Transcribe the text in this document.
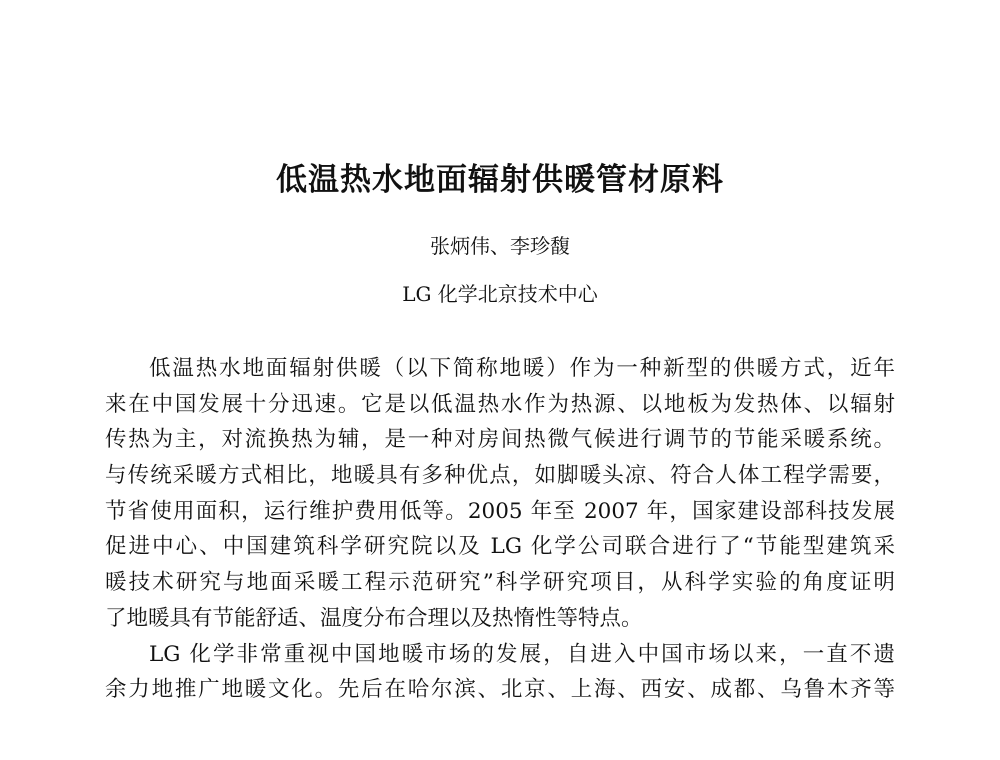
低温热水地面辐射供暖管材原料
张炳伟、李珍馥
LG 化学北京技术中心
低温热水地面辐射供暖（以下简称地暖）作为一种新型的供暖方式，近年
来在中国发展十分迅速。它是以低温热水作为热源、以地板为发热体、以辐射
传热为主，对流换热为辅，是一种对房间热微气候进行调节的节能采暖系统。
与传统采暖方式相比，地暖具有多种优点，如脚暖头凉、符合人体工程学需要，
节省使用面积，运行维护费用低等。2005 年至 2007 年，国家建设部科技发展
促进中心、中国建筑科学研究院以及 LG 化学公司联合进行了“节能型建筑采
暖技术研究与地面采暖工程示范研究”科学研究项目，从科学实验的角度证明
了地暖具有节能舒适、温度分布合理以及热惰性等特点。
LG 化学非常重视中国地暖市场的发展，自进入中国市场以来，一直不遗
余力地推广地暖文化。先后在哈尔滨、北京、上海、西安、成都、乌鲁木齐等
